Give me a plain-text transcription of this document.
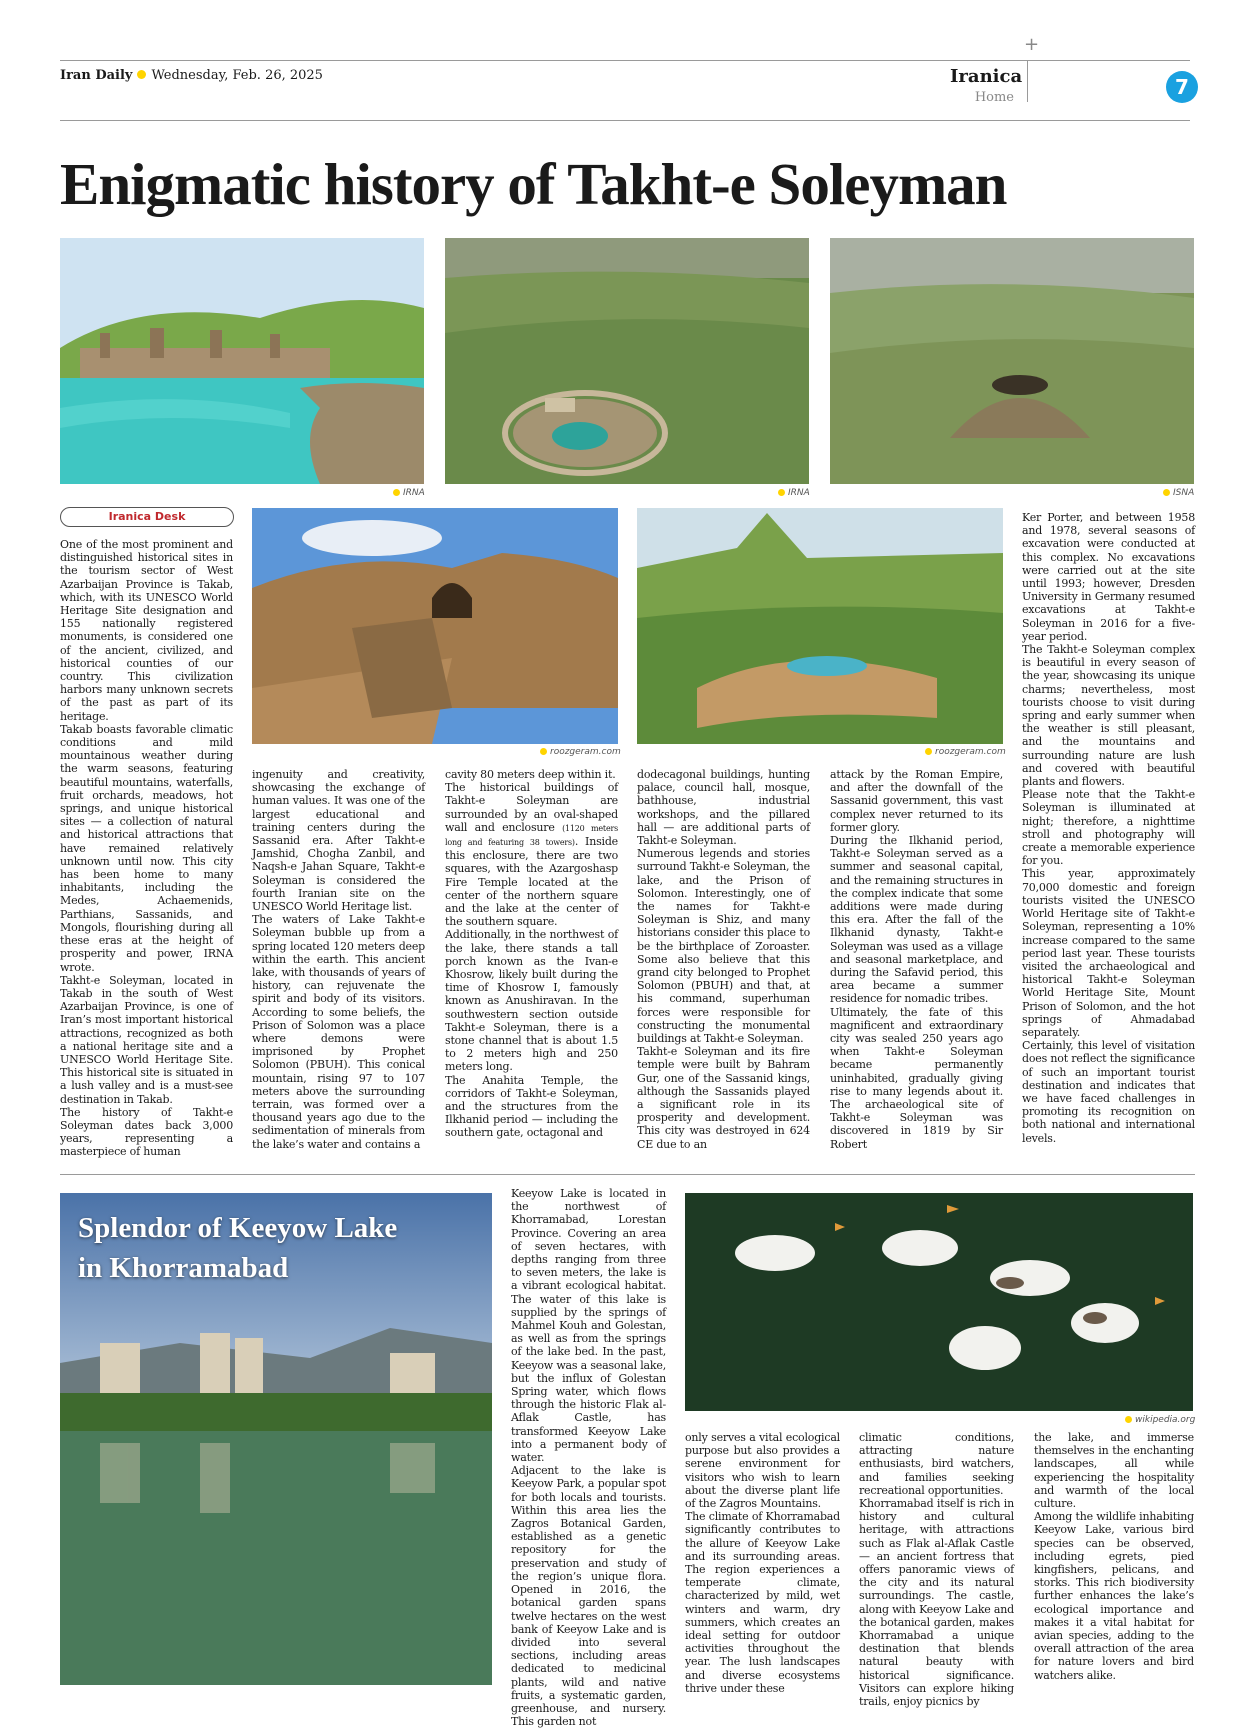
+
Iran Daily Wednesday, Feb. 26, 2025	Iranica
Home	7
Enigmatic history of Takht-e Soleyman
IRNA	IRNA	ISNA
roozgeram.com	roozgeram.com
Iranica Desk

One of the most prominent and distinguished historical sites in the tourism sector of West Azarbaijan Province is Takab, which, with its UNESCO World Heritage Site designation and 155 nationally registered monuments, is considered one of the ancient, civilized, and historical counties of our country. This civilization harbors many unknown secrets of the past as part of its heritage.

Takab boasts favorable climatic conditions and mild mountainous weather during the warm seasons, featuring beautiful mountains, waterfalls, fruit orchards, meadows, hot springs, and unique historical sites — a collection of natural and historical attractions that have remained relatively unknown until now. This city has been home to many inhabitants, including the Medes, Achaemenids, Parthians, Sassanids, and Mongols, flourishing during all these eras at the height of prosperity and power, IRNA wrote.

Takht-e Soleyman, located in Takab in the south of West Azarbaijan Province, is one of Iran’s most important historical attractions, recognized as both a national heritage site and a UNESCO World Heritage Site. This historical site is situated in a lush valley and is a must-see destination in Takab.

The history of Takht-e Soleyman dates back 3,000 years, representing a masterpiece of human

ingenuity and creativity, showcasing the exchange of human values. It was one of the largest educational and training centers during the Sassanid era. After Takht-e Jamshid, Chogha Zanbil, and Naqsh-e Jahan Square, Takht-e Soleyman is considered the fourth Iranian site on the UNESCO World Heritage list.

The waters of Lake Takht-e Soleyman bubble up from a spring located 120 meters deep within the earth. This ancient lake, with thousands of years of history, can rejuvenate the spirit and body of its visitors. According to some beliefs, the Prison of Solomon was a place where demons were imprisoned by Prophet Solomon (PBUH). This conical mountain, rising 97 to 107 meters above the surrounding terrain, was formed over a thousand years ago due to the sedimentation of minerals from the lake’s water and contains a

cavity 80 meters deep within it.

The historical buildings of Takht-e Soleyman are surrounded by an oval-shaped wall and enclosure (1120 meters long and featuring 38 towers). Inside this enclosure, there are two squares, with the Azargoshasp Fire Temple located at the center of the northern square and the lake at the center of the southern square.

Additionally, in the northwest of the lake, there stands a tall porch known as the Ivan-e Khosrow, likely built during the time of Khosrow I, famously known as Anushiravan. In the southwestern section outside Takht-e Soleyman, there is a stone channel that is about 1.5 to 2 meters high and 250 meters long.

The Anahita Temple, the corridors of Takht-e Soleyman, and the structures from the Ilkhanid period — including the southern gate, octagonal and

dodecagonal buildings, hunting palace, council hall, mosque, bathhouse, industrial workshops, and the pillared hall — are additional parts of Takht-e Soleyman.

Numerous legends and stories surround Takht-e Soleyman, the lake, and the Prison of Solomon. Interestingly, one of the names for Takht-e Soleyman is Shiz, and many historians consider this place to be the birthplace of Zoroaster. Some also believe that this grand city belonged to Prophet Solomon (PBUH) and that, at his command, superhuman forces were responsible for constructing the monumental buildings at Takht-e Soleyman.

Takht-e Soleyman and its fire temple were built by Bahram Gur, one of the Sassanid kings, although the Sassanids played a significant role in its prosperity and development. This city was destroyed in 624 CE due to an

attack by the Roman Empire, and after the downfall of the Sassanid government, this vast complex never returned to its former glory.

During the Ilkhanid period, Takht-e Soleyman served as a summer and seasonal capital, and the remaining structures in the complex indicate that some additions were made during this era. After the fall of the Ilkhanid dynasty, Takht-e Soleyman was used as a village and seasonal marketplace, and during the Safavid period, this area became a summer residence for nomadic tribes.

Ultimately, the fate of this magnificent and extraordinary city was sealed 250 years ago when Takht-e Soleyman became permanently uninhabited, gradually giving rise to many legends about it. The archaeological site of Takht-e Soleyman was discovered in 1819 by Sir Robert

Ker Porter, and between 1958 and 1978, several seasons of excavation were conducted at this complex. No excavations were carried out at the site until 1993; however, Dresden University in Germany resumed excavations at Takht-e Soleyman in 2016 for a five-year period.

The Takht-e Soleyman complex is beautiful in every season of the year, showcasing its unique charms; nevertheless, most tourists choose to visit during spring and early summer when the weather is still pleasant, and the mountains and surrounding nature are lush and covered with beautiful plants and flowers.

Please note that the Takht-e Soleyman is illuminated at night; therefore, a nighttime stroll and photography will create a memorable experience for you.

This year, approximately 70,000 domestic and foreign tourists visited the UNESCO World Heritage site of Takht-e Soleyman, representing a 10% increase compared to the same period last year. These tourists visited the archaeological and historical Takht-e Soleyman World Heritage Site, Mount Prison of Solomon, and the hot springs of Ahmadabad separately.

Certainly, this level of visitation does not reflect the significance of such an important tourist destination and indicates that we have faced challenges in promoting its recognition on both national and international levels.

Splendor of Keeyow Lake
in Khorramabad

Keeyow Lake is located in the northwest of Khorramabad, Lorestan Province. Covering an area of seven hectares, with depths ranging from three to seven meters, the lake is a vibrant ecological habitat. The water of this lake is supplied by the springs of Mahmel Kouh and Golestan, as well as from the springs of the lake bed. In the past, Keeyow was a seasonal lake, but the influx of Golestan Spring water, which flows through the historic Flak al-Aflak Castle, has transformed Keeyow Lake into a permanent body of water.

Adjacent to the lake is Keeyow Park, a popular spot for both locals and tourists. Within this area lies the Zagros Botanical Garden, established as a genetic repository for the preservation and study of the region’s unique flora. Opened in 2016, the botanical garden spans twelve hectares on the west bank of Keeyow Lake and is divided into several sections, including areas dedicated to medicinal plants, wild and native fruits, a systematic garden, greenhouse, and nursery. This garden not

wikipedia.org

only serves a vital ecological purpose but also provides a serene environment for visitors who wish to learn about the diverse plant life of the Zagros Mountains.

The climate of Khorramabad significantly contributes to the allure of Keeyow Lake and its surrounding areas. The region experiences a temperate climate, characterized by mild, wet winters and warm, dry summers, which creates an ideal setting for outdoor activities throughout the year. The lush landscapes and diverse ecosystems thrive under these

climatic conditions, attracting nature enthusiasts, bird watchers, and families seeking recreational opportunities.

Khorramabad itself is rich in history and cultural heritage, with attractions such as Flak al-Aflak Castle — an ancient fortress that offers panoramic views of the city and its natural surroundings. The castle, along with Keeyow Lake and the botanical garden, makes Khorramabad a unique destination that blends natural beauty with historical significance. Visitors can explore hiking trails, enjoy picnics by

the lake, and immerse themselves in the enchanting landscapes, all while experiencing the hospitality and warmth of the local culture.

Among the wildlife inhabiting Keeyow Lake, various bird species can be observed, including egrets, pied kingfishers, pelicans, and storks. This rich biodiversity further enhances the lake’s ecological importance and makes it a vital habitat for avian species, adding to the overall attraction of the area for nature lovers and bird watchers alike.
